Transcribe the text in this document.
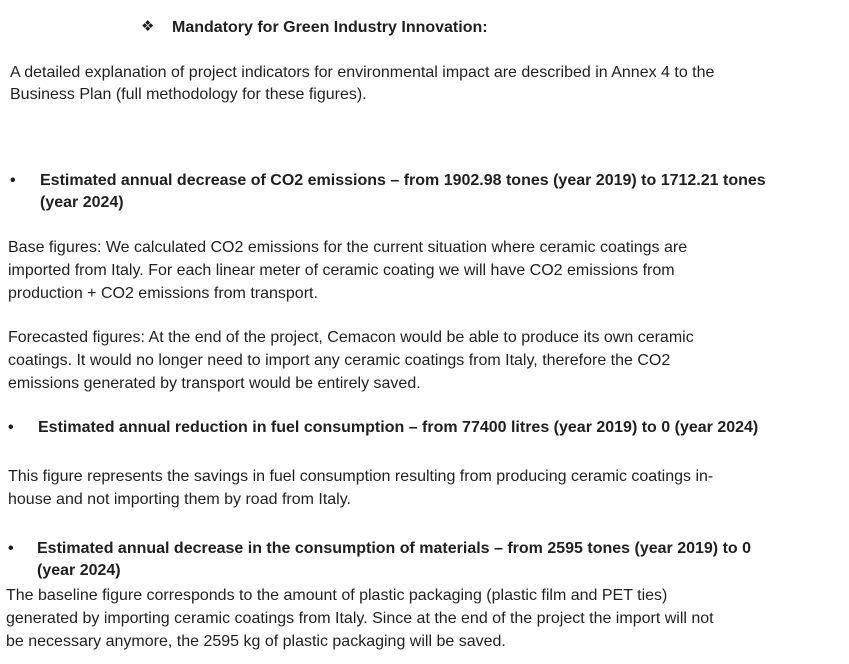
❖ Mandatory for Green Industry Innovation:
A detailed explanation of project indicators for environmental impact are described in Annex 4 to the
Business Plan (full methodology for these figures).
• Estimated annual decrease of CO2 emissions – from 1902.98 tones (year 2019) to 1712.21 tones
(year 2024)
Base figures: We calculated CO2 emissions for the current situation where ceramic coatings are
imported from Italy. For each linear meter of ceramic coating we will have CO2 emissions from
production + CO2 emissions from transport.
Forecasted figures: At the end of the project, Cemacon would be able to produce its own ceramic
coatings. It would no longer need to import any ceramic coatings from Italy, therefore the CO2
emissions generated by transport would be entirely saved.
• Estimated annual reduction in fuel consumption – from 77400 litres (year 2019) to 0 (year 2024)
This figure represents the savings in fuel consumption resulting from producing ceramic coatings in-
house and not importing them by road from Italy.
• Estimated annual decrease in the consumption of materials – from 2595 tones (year 2019) to 0
(year 2024)
The baseline figure corresponds to the amount of plastic packaging (plastic film and PET ties)
generated by importing ceramic coatings from Italy. Since at the end of the project the import will not
be necessary anymore, the 2595 kg of plastic packaging will be saved.
